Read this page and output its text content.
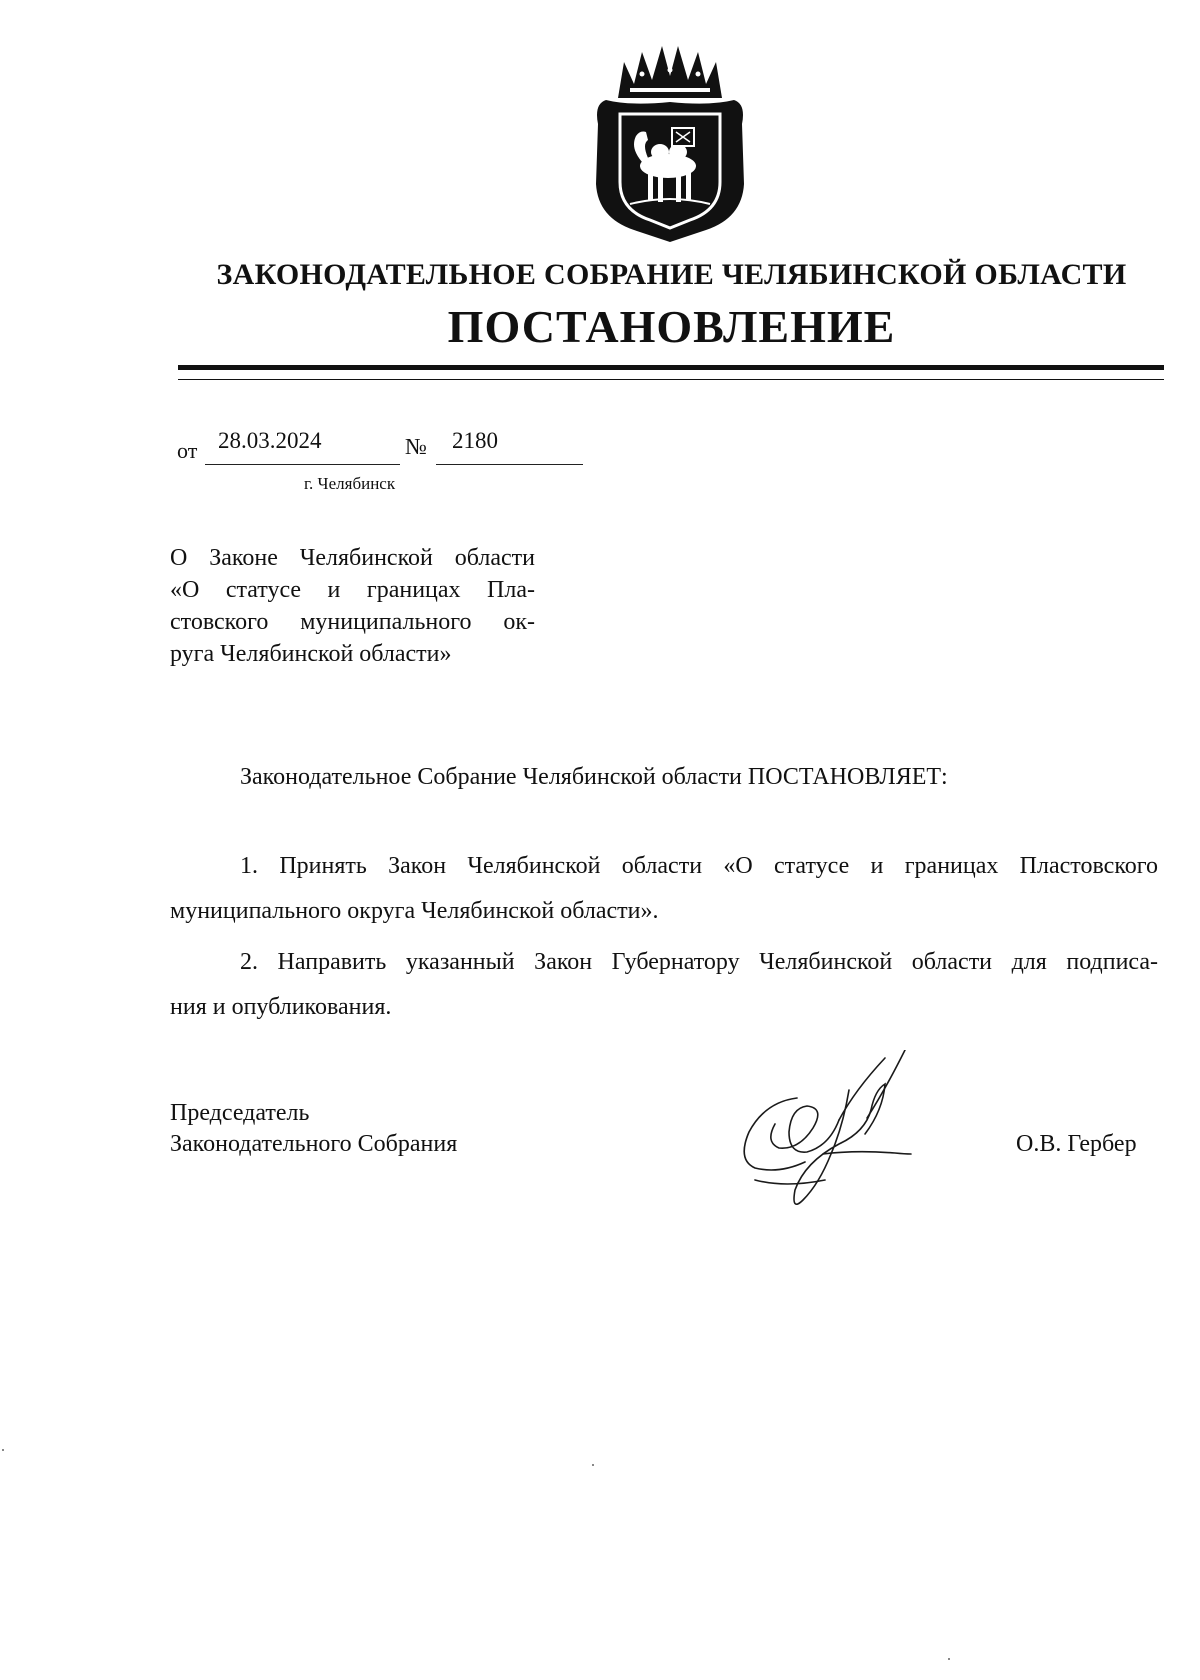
ЗАКОНОДАТЕЛЬНОЕ СОБРАНИЕ ЧЕЛЯБИНСКОЙ ОБЛАСТИ
ПОСТАНОВЛЕНИЕ
от 28.03.2024	№ 2180
г. Челябинск
О Законе Челябинской области
«О статусе и границах Пла-
стовского муниципального ок-
руга Челябинской области»
Законодательное Собрание Челябинской области ПОСТАНОВЛЯЕТ:
1. Принять Закон Челябинской области «О статусе и границах Пластовского
муниципального округа Челябинской области».
2. Направить указанный Закон Губернатору Челябинской области для подписа-
ния и опубликования.
Председатель
Законодательного Собрания	О.В. Гербер
